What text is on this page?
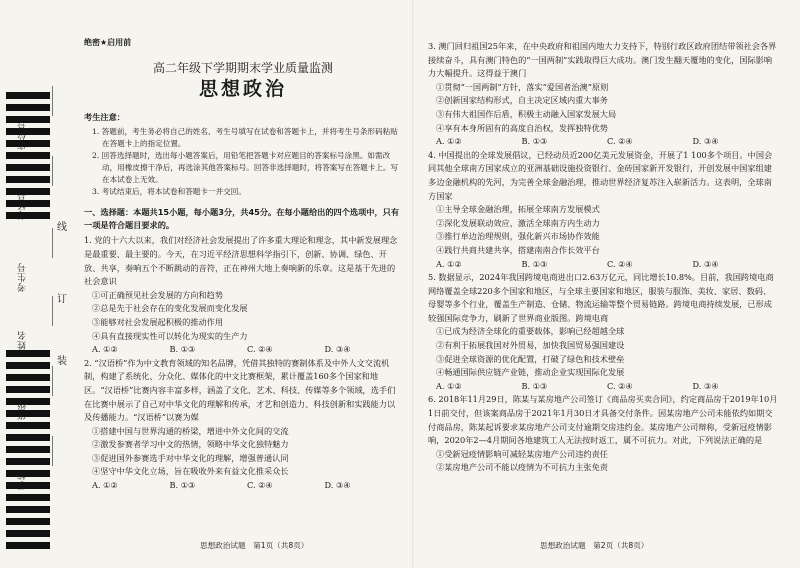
座位号
考场号
考生号
姓名
班级
学校
线
订
装
绝密★启用前
高二年级下学期期末学业质量监测
思想政治
考生注意：

1. 答题前，考生务必将自己的姓名、考生号填写在试卷和答题卡上，并将考生号条形码粘贴在答题卡上的指定位置。

2. 回答选择题时，选出每小题答案后，用铅笔把答题卡对应题目的答案标号涂黑。如需改动，用橡皮擦干净后，再选涂其他答案标号。回答非选择题时，将答案写在答题卡上。写在本试卷上无效。

3. 考试结束后，将本试卷和答题卡一并交回。

一、选择题：本题共15小题，每小题3分，共45分。在每小题给出的四个选项中，只有一项是符合题目要求的。

1. 党的十六大以来，我们对经济社会发展提出了许多重大理论和理念，其中新发展理念是最重要、最主要的。今天，在习近平经济思想科学指引下，创新、协调、绿色、开放、共享，奏响五个不断跳动的音符，正在神州大地上奏响新的乐章。这是基于先进的社会意识

①可正确预见社会发展的方向和趋势
②总是先于社会存在的变化发展而变化发展
③能够对社会发展起积极的推动作用
④具有直接现实性可以转化为现实的生产力
A. ①②	B. ①③	C. ②④	D. ③④

2. “汉语桥”作为中文教育领域的知名品牌，凭借其独特的赛制体系及中外人文交流机制，构建了系统化、分众化、媒体化的中文比赛框架，累计覆盖160多个国家和地区。“汉语桥”比赛内容丰富多样，涵盖了文化、艺术、科技、传媒等多个领域，选手们在比赛中展示了自己对中华文化的理解和传承，才艺和创造力、科技创新和实践能力以及传播能力。“汉语桥”以赛为媒

①搭建中国与世界沟通的桥梁，增进中外文化间的交流
②激发参赛者学习中文的热情，领略中华文化独特魅力
③促进国外参赛选手对中华文化的理解，增强普通认同
④坚守中华文化立场，旨在吸收外来有益文化推采众长
A. ①②	B. ①③	C. ②④	D. ③④

3. 澳门回归祖国25年来，在中央政府和祖国内地大力支持下，特别行政区政府团结带领社会各界接续奋斗，具有澳门特色的“一国两制”实践取得巨大成功。澳门发生翻天覆地的变化，国际影响力大幅提升。这得益于澳门

①贯彻“一国两制”方针，落实“爱国者治澳”原则
②创新国家结构形式，自主决定区域内重大事务
③有伟大祖国作后盾，积极主动融入国家发展大局
④享有本身所固有的高度自治权，发挥独特优势
A. ①②	B. ①③	C. ②④	D. ③④

4. 中国提出的全球发展倡议，已经动员近200亿美元发展资金，开展了1 100多个项目。中国会同其他全球南方国家成立的亚洲基础设施投资银行、金砖国家新开发银行，开创发展中国家组建多边金融机构的先河，为完善全球金融治理，推动世界经济复苏注入崭新活力。这表明，全球南方国家

①主导全球金融治理，拓展全球南方发展模式
②深化发展联动效应，激活全球南方内生动力
③推行单边治理规则，强化新兴市场协作效能
④践行共商共建共享，搭建南南合作长效平台
A. ①②	B. ①③	C. ②④	D. ③④

5. 数据显示，2024年我国跨境电商进出口2.63万亿元，同比增长10.8%。目前，我国跨境电商网络覆盖全球220多个国家和地区，与全球主要国家和地区，服装与服饰、美妆、家居、数码、母婴等多个行业，覆盖生产制造、仓储、物流运输等整个贸易链路。跨境电商持续发展，已形成较强国际竞争力，刷新了世界商业版图。跨境电商

①已成为经济全球化的重要载体，影响已经超越全球
②有利于拓展我国对外贸易，加快我国贸易强国建设
③促进全球资源的优化配置，打破了绿色和技术壁垒
④畅通国际供应链产业链，推动企业实现国际化发展
A. ①②	B. ①③	C. ②④	D. ③④

6. 2018年11月29日，陈某与某房地产公司签订《商品房买卖合同》，约定商品房于2019年10月1日前交付，但该案商品房于2021年1月30日才具备交付条件。因某房地产公司未能依约如期交付商品房，陈某起诉要求某房地产公司支付逾期交房违约金。某房地产公司辩称，受新冠疫情影响，2020年2—4月期间各地建筑工人无法按时返工，属不可抗力。对此，下列说法正确的是

①受新冠疫情影响可减轻某房地产公司违约责任
②某房地产公司不能以疫情为不可抗力主张免责
思想政治试题　第1页（共8页）	思想政治试题　第2页（共8页）
